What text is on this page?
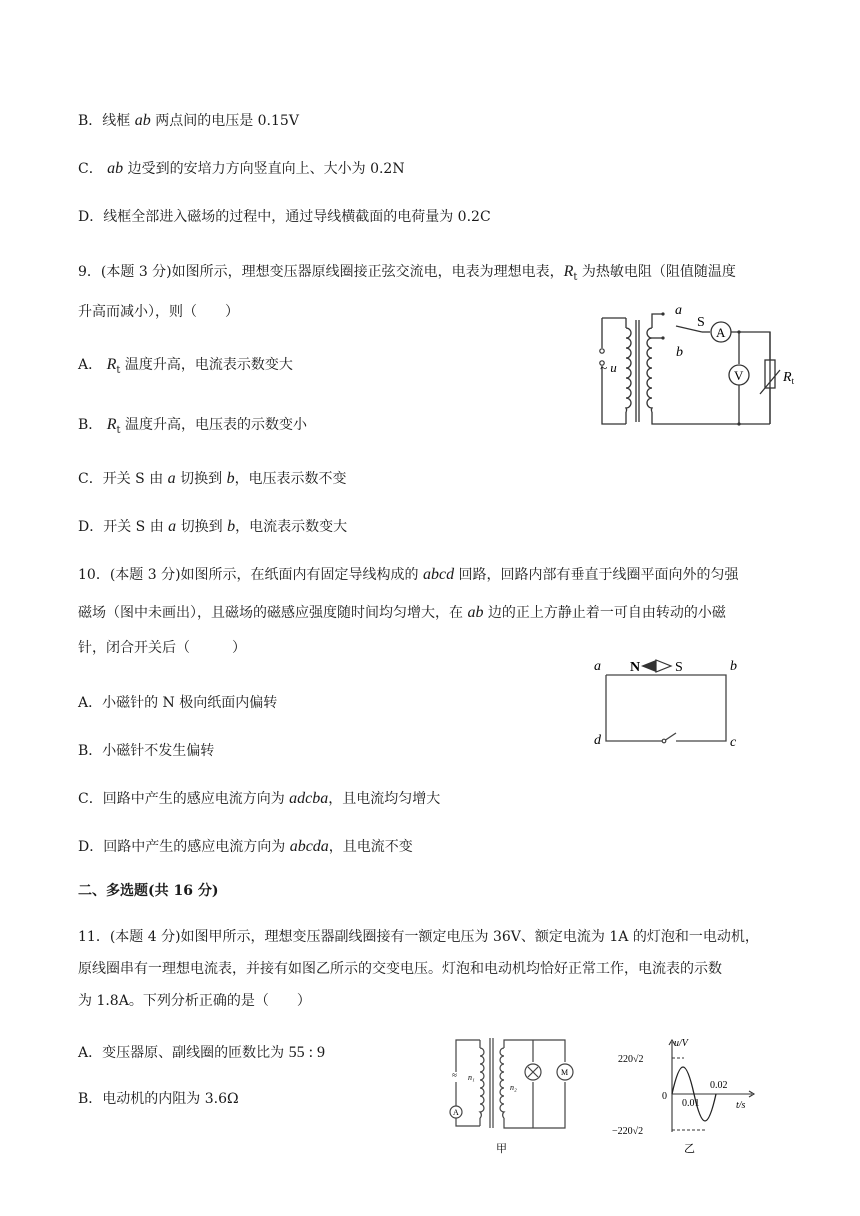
B．线框 ab 两点间的电压是 0.15V
C． ab 边受到的安培力方向竖直向上、大小为 0.2N
D．线框全部进入磁场的过程中，通过导线横截面的电荷量为 0.2C
9．(本题 3 分)如图所示，理想变压器原线圈接正弦交流电，电表为理想电表，$R_t$ 为热敏电阻（阻值随温度
升高而减小），则（　　）
A． $R_t$ 温度升高，电流表示数变大
B． $R_t$ 温度升高，电压表的示数变小
C．开关 S 由 a 切换到 b，电压表示数不变
D．开关 S 由 a 切换到 b，电流表示数变大
a
b
S
A
V
~ u
$R_t$
10．(本题 3 分)如图所示，在纸面内有固定导线构成的 abcd 回路，回路内部有垂直于线圈平面向外的匀强
磁场（图中未画出），且磁场的磁感应强度随时间均匀增大，在 ab 边的正上方静止着一可自由转动的小磁
针，闭合开关后（　　　）
A．小磁针的 N 极向纸面内偏转
B．小磁针不发生偏转
C．回路中产生的感应电流方向为 adcba，且电流均匀增大
D．回路中产生的感应电流方向为 abcda，且电流不变
N S
a	b
c
d
二、多选题(共 16 分)
11．(本题 4 分)如图甲所示，理想变压器副线圈接有一额定电压为 36V、额定电流为 1A 的灯泡和一电动机，
原线圈串有一理想电流表，并接有如图乙所示的交变电压。灯泡和电动机均恰好正常工作，电流表的示数
为 1.8A。下列分析正确的是（　　）
A．变压器原、副线圈的匝数比为 55 : 9
B．电动机的内阻为 3.6Ω
≈
A
M
n₁
n₂
甲
u/V
t/s
220√2
−220√2
0
0.01
0.02
乙
